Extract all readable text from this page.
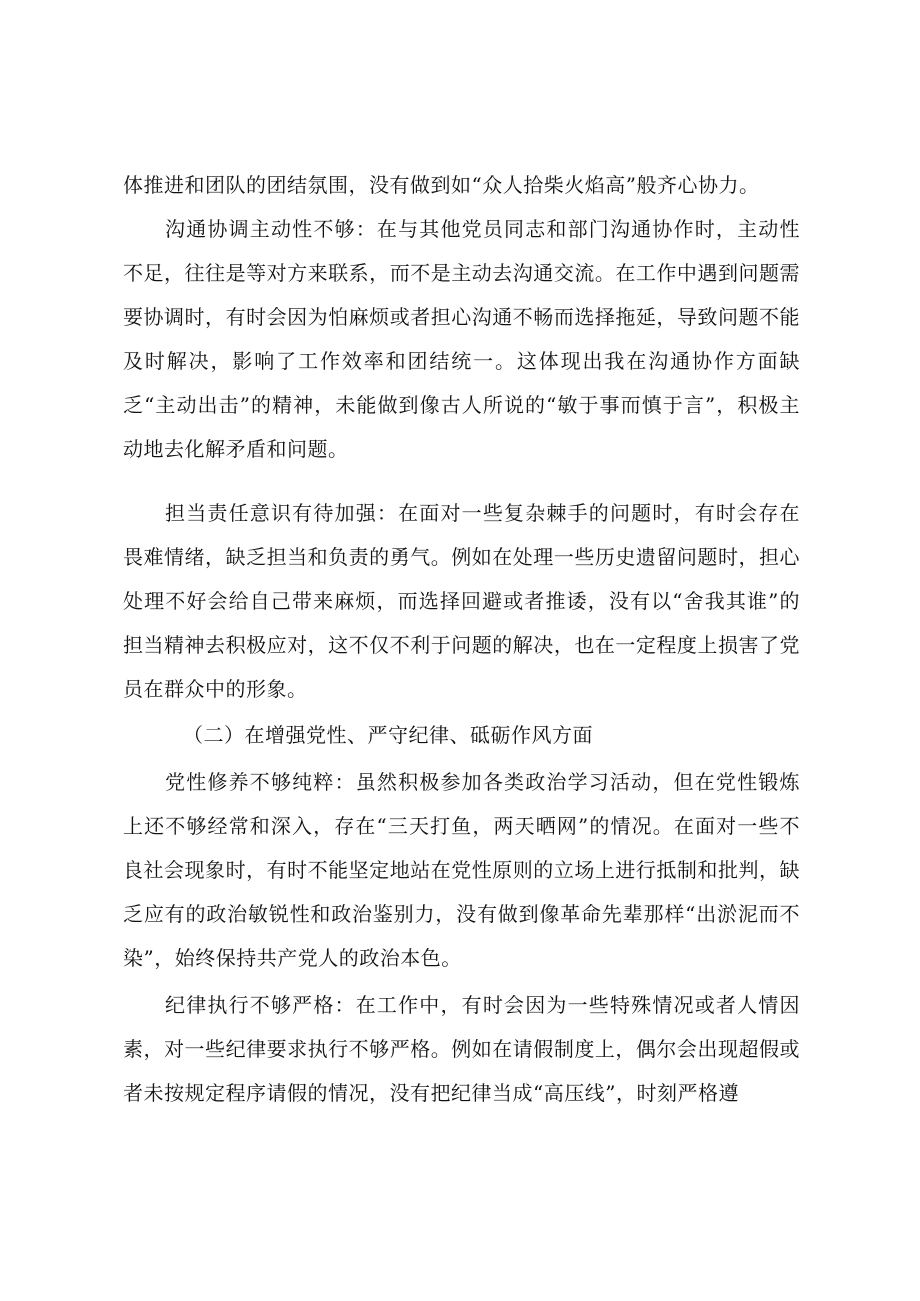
体推进和团队的团结氛围，没有做到如“众人拾柴火焰高”般齐心协力。

沟通协调主动性不够：在与其他党员同志和部门沟通协作时，主动性不足，往往是等对方来联系，而不是主动去沟通交流。在工作中遇到问题需要协调时，有时会因为怕麻烦或者担心沟通不畅而选择拖延，导致问题不能及时解决，影响了工作效率和团结统一。这体现出我在沟通协作方面缺乏“主动出击”的精神，未能做到像古人所说的“敏于事而慎于言”，积极主动地去化解矛盾和问题。

担当责任意识有待加强：在面对一些复杂棘手的问题时，有时会存在畏难情绪，缺乏担当和负责的勇气。例如在处理一些历史遗留问题时，担心处理不好会给自己带来麻烦，而选择回避或者推诿，没有以“舍我其谁”的担当精神去积极应对，这不仅不利于问题的解决，也在一定程度上损害了党员在群众中的形象。

（二）在增强党性、严守纪律、砥砺作风方面

党性修养不够纯粹：虽然积极参加各类政治学习活动，但在党性锻炼上还不够经常和深入，存在“三天打鱼，两天晒网”的情况。在面对一些不良社会现象时，有时不能坚定地站在党性原则的立场上进行抵制和批判，缺乏应有的政治敏锐性和政治鉴别力，没有做到像革命先辈那样“出淤泥而不染”，始终保持共产党人的政治本色。

纪律执行不够严格：在工作中，有时会因为一些特殊情况或者人情因素，对一些纪律要求执行不够严格。例如在请假制度上，偶尔会出现超假或者未按规定程序请假的情况，没有把纪律当成“高压线”，时刻严格遵
